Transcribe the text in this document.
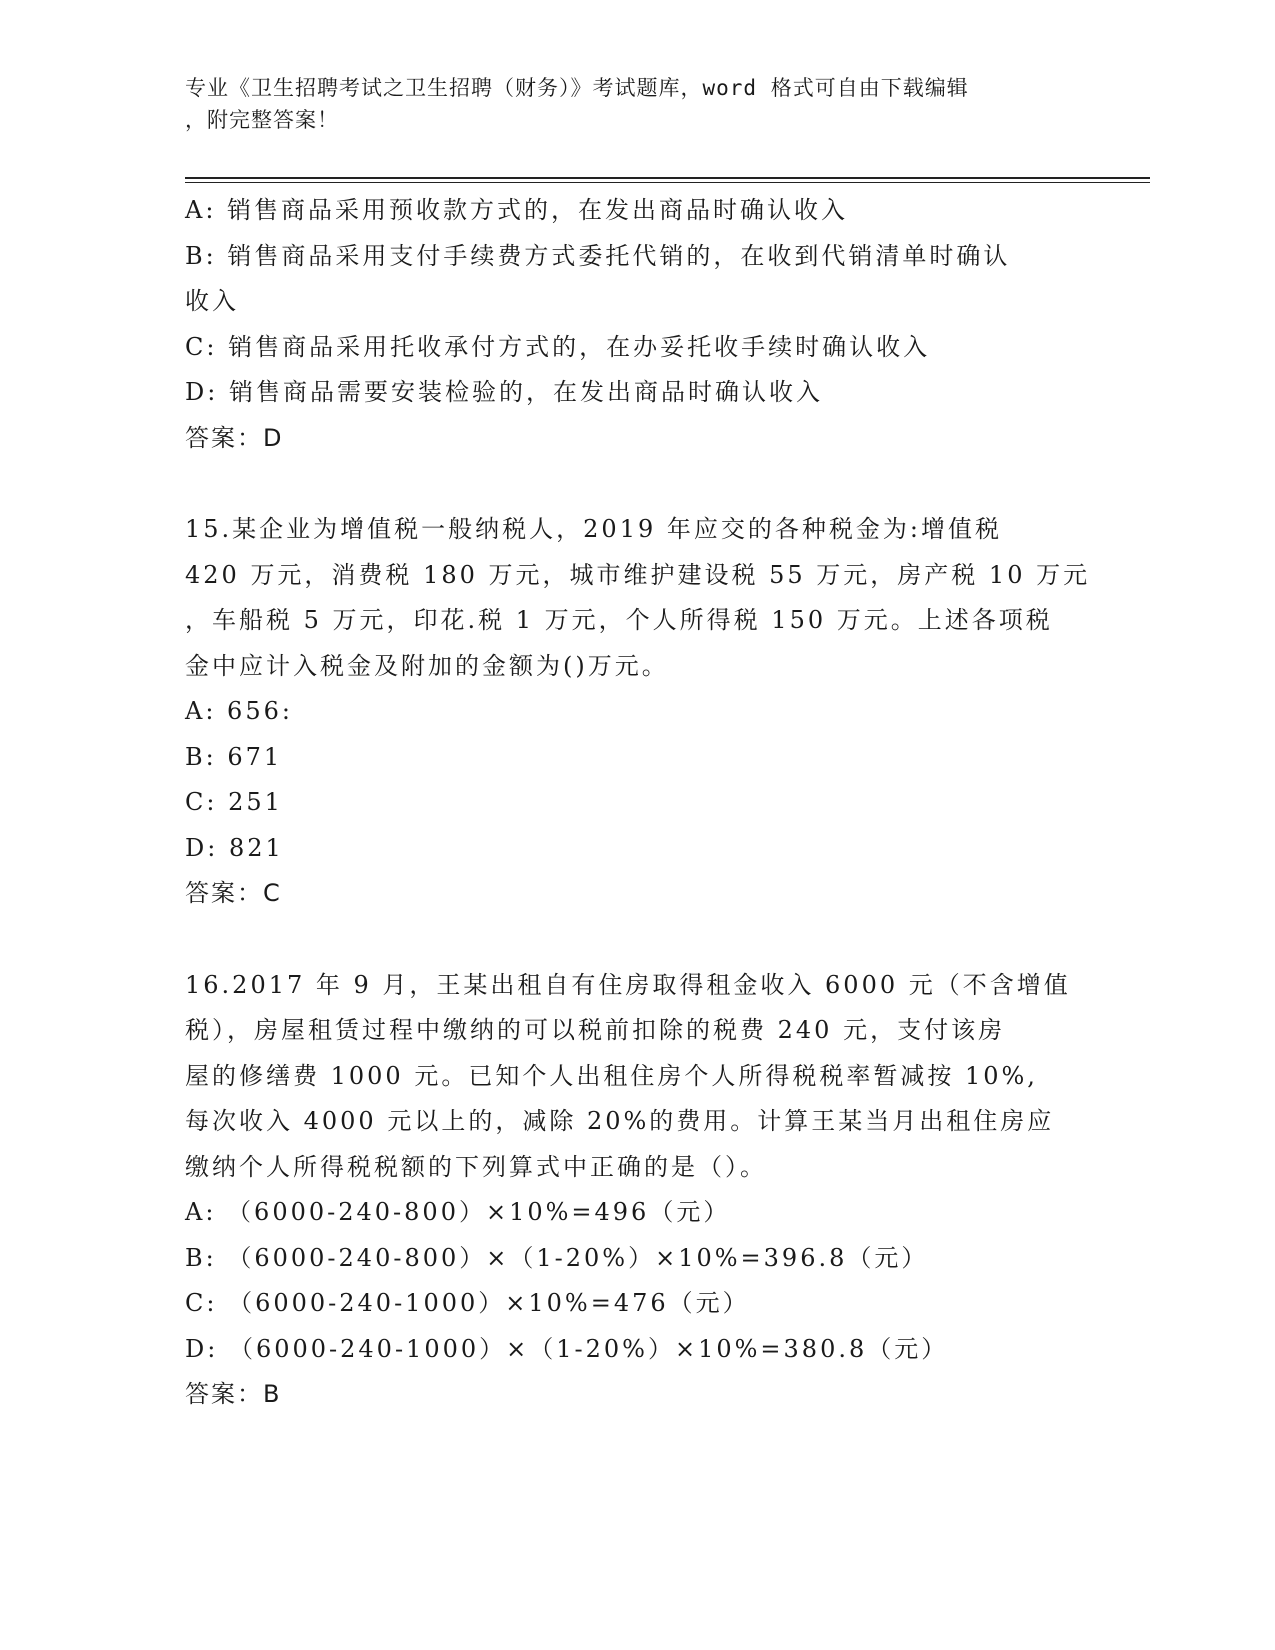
专业《卫生招聘考试之卫生招聘（财务）》考试题库，word 格式可自由下载编辑
，附完整答案！
A: 销售商品采用预收款方式的，在发出商品时确认收入
B: 销售商品采用支付手续费方式委托代销的，在收到代销清单时确认
收入
C: 销售商品采用托收承付方式的，在办妥托收手续时确认收入
D: 销售商品需要安装检验的，在发出商品时确认收入
答案：D
15.某企业为增值税一般纳税人，2019 年应交的各种税金为:增值税
420 万元，消费税 180 万元，城市维护建设税 55 万元，房产税 10 万元
，车船税 5 万元，印花.税 1 万元，个人所得税 150 万元。上述各项税
金中应计入税金及附加的金额为()万元。
A: 656:
B: 671
C: 251
D: 821
答案：C
16.2017 年 9 月，王某出租自有住房取得租金收入 6000 元（不含增值
税），房屋租赁过程中缴纳的可以税前扣除的税费 240 元，支付该房
屋的修缮费 1000 元。已知个人出租住房个人所得税税率暂减按 10%,
每次收入 4000 元以上的，减除 20%的费用。计算王某当月出租住房应
缴纳个人所得税税额的下列算式中正确的是（）。
A: （6000-240-800）×10%=496（元）
B: （6000-240-800）×（1-20%）×10%=396.8（元）
C: （6000-240-1000）×10%=476（元）
D: （6000-240-1000）×（1-20%）×10%=380.8（元）
答案：B
